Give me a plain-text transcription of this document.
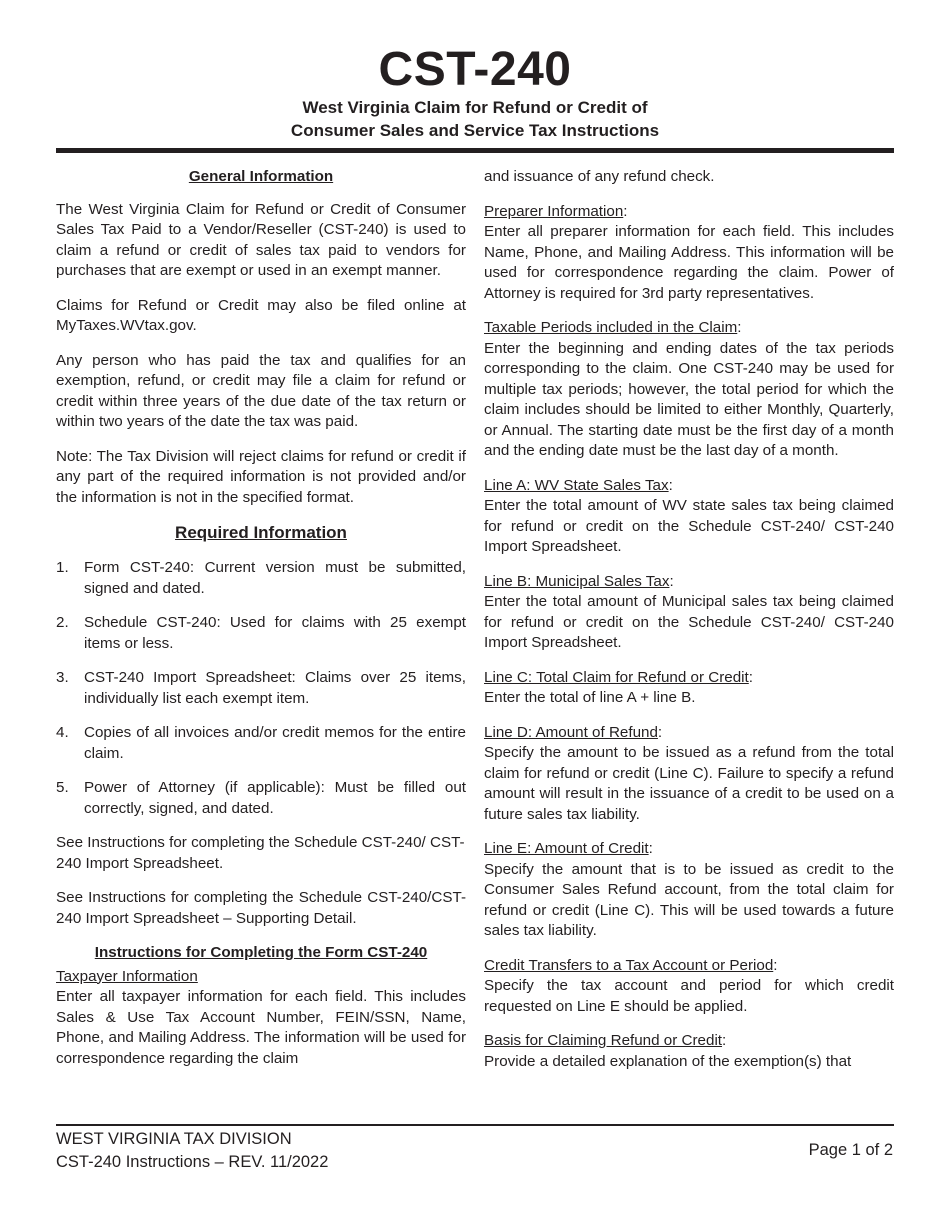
CST-240
West Virginia Claim for Refund or Credit of
Consumer Sales and Service Tax Instructions
General Information

The West Virginia Claim for Refund or Credit of Consumer Sales Tax Paid to a Vendor/Reseller (CST-240) is used to claim a refund or credit of sales tax paid to vendors for purchases that are exempt or used in an exempt manner.

Claims for Refund or Credit may also be filed online at MyTaxes.WVtax.gov.

Any person who has paid the tax and qualifies for an exemption, refund, or credit may file a claim for refund or credit within three years of the due date of the tax return or within two years of the date the tax was paid.

Note: The Tax Division will reject claims for refund or credit if any part of the required information is not provided and/or the information is not in the specified format.

Required Information
1. Form CST-240: Current version must be submitted, signed and dated.
2. Schedule CST-240: Used for claims with 25 exempt items or less.
3. CST-240 Import Spreadsheet: Claims over 25 items, individually list each exempt item.
4. Copies of all invoices and/or credit memos for the entire claim.
5. Power of Attorney (if applicable): Must be filled out correctly, signed, and dated.

See Instructions for completing the Schedule CST-240/ CST-240 Import Spreadsheet.

See Instructions for completing the Schedule CST-240/CST-240 Import Spreadsheet – Supporting Detail.

Instructions for Completing the Form CST-240
Taxpayer Information
Enter all taxpayer information for each field. This includes Sales & Use Tax Account Number, FEIN/SSN, Name, Phone, and Mailing Address. The information will be used for correspondence regarding the claim

and issuance of any refund check.

Preparer Information:
Enter all preparer information for each field. This includes Name, Phone, and Mailing Address. This information will be used for correspondence regarding the claim. Power of Attorney is required for 3rd party representatives.
Taxable Periods included in the Claim:
Enter the beginning and ending dates of the tax periods corresponding to the claim. One CST-240 may be used for multiple tax periods; however, the total period for which the claim includes should be limited to either Monthly, Quarterly, or Annual. The starting date must be the first day of a month and the ending date must be the last day of a month.
Line A: WV State Sales Tax:
Enter the total amount of WV state sales tax being claimed for refund or credit on the Schedule CST-240/ CST-240 Import Spreadsheet.
Line B: Municipal Sales Tax:
Enter the total amount of Municipal sales tax being claimed for refund or credit on the Schedule CST-240/ CST-240 Import Spreadsheet.
Line C: Total Claim for Refund or Credit:
Enter the total of line A + line B.
Line D: Amount of Refund:
Specify the amount to be issued as a refund from the total claim for refund or credit (Line C). Failure to specify a refund amount will result in the issuance of a credit to be used on a future sales tax liability.
Line E: Amount of Credit:
Specify the amount that is to be issued as credit to the Consumer Sales Refund account, from the total claim for refund or credit (Line C). This will be used towards a future sales tax liability.
Credit Transfers to a Tax Account or Period:
Specify the tax account and period for which credit requested on Line E should be applied.
Basis for Claiming Refund or Credit:
Provide a detailed explanation of the exemption(s) that
WEST VIRGINIA TAX DIVISION
CST-240 Instructions – REV. 11/2022
Page 1 of 2
